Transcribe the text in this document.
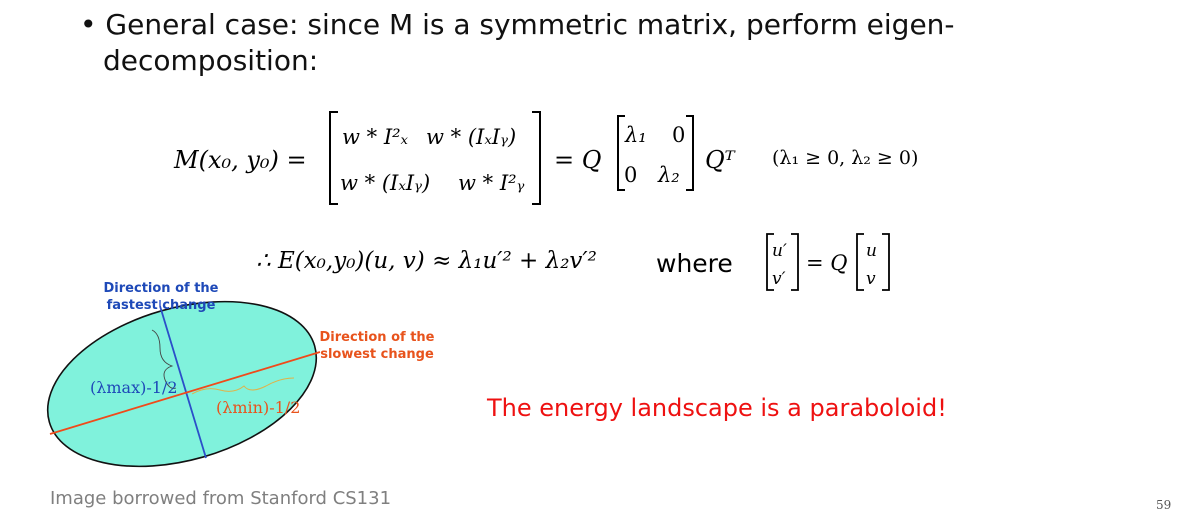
• General case: since M is a symmetric matrix, perform eigen-
decomposition:
M(x₀, y₀) =
w * I²ₓ w * (IₓIᵧ)
w * (IₓIᵧ) w * I²ᵧ
= Q
λ₁ 0
0 λ₂
Qᵀ (λ₁ ≥ 0, λ₂ ≥ 0)
∴ E(x₀,y₀)(u, v) ≈ λ₁u′² + λ₂v′² where u′
v′
= Q u
v
Direction of the
fastest change
Direction of the
slowest change
(λmax)-1/2
(λmin)-1/2	The energy landscape is a paraboloid!
Image borrowed from Stanford CS131	59
